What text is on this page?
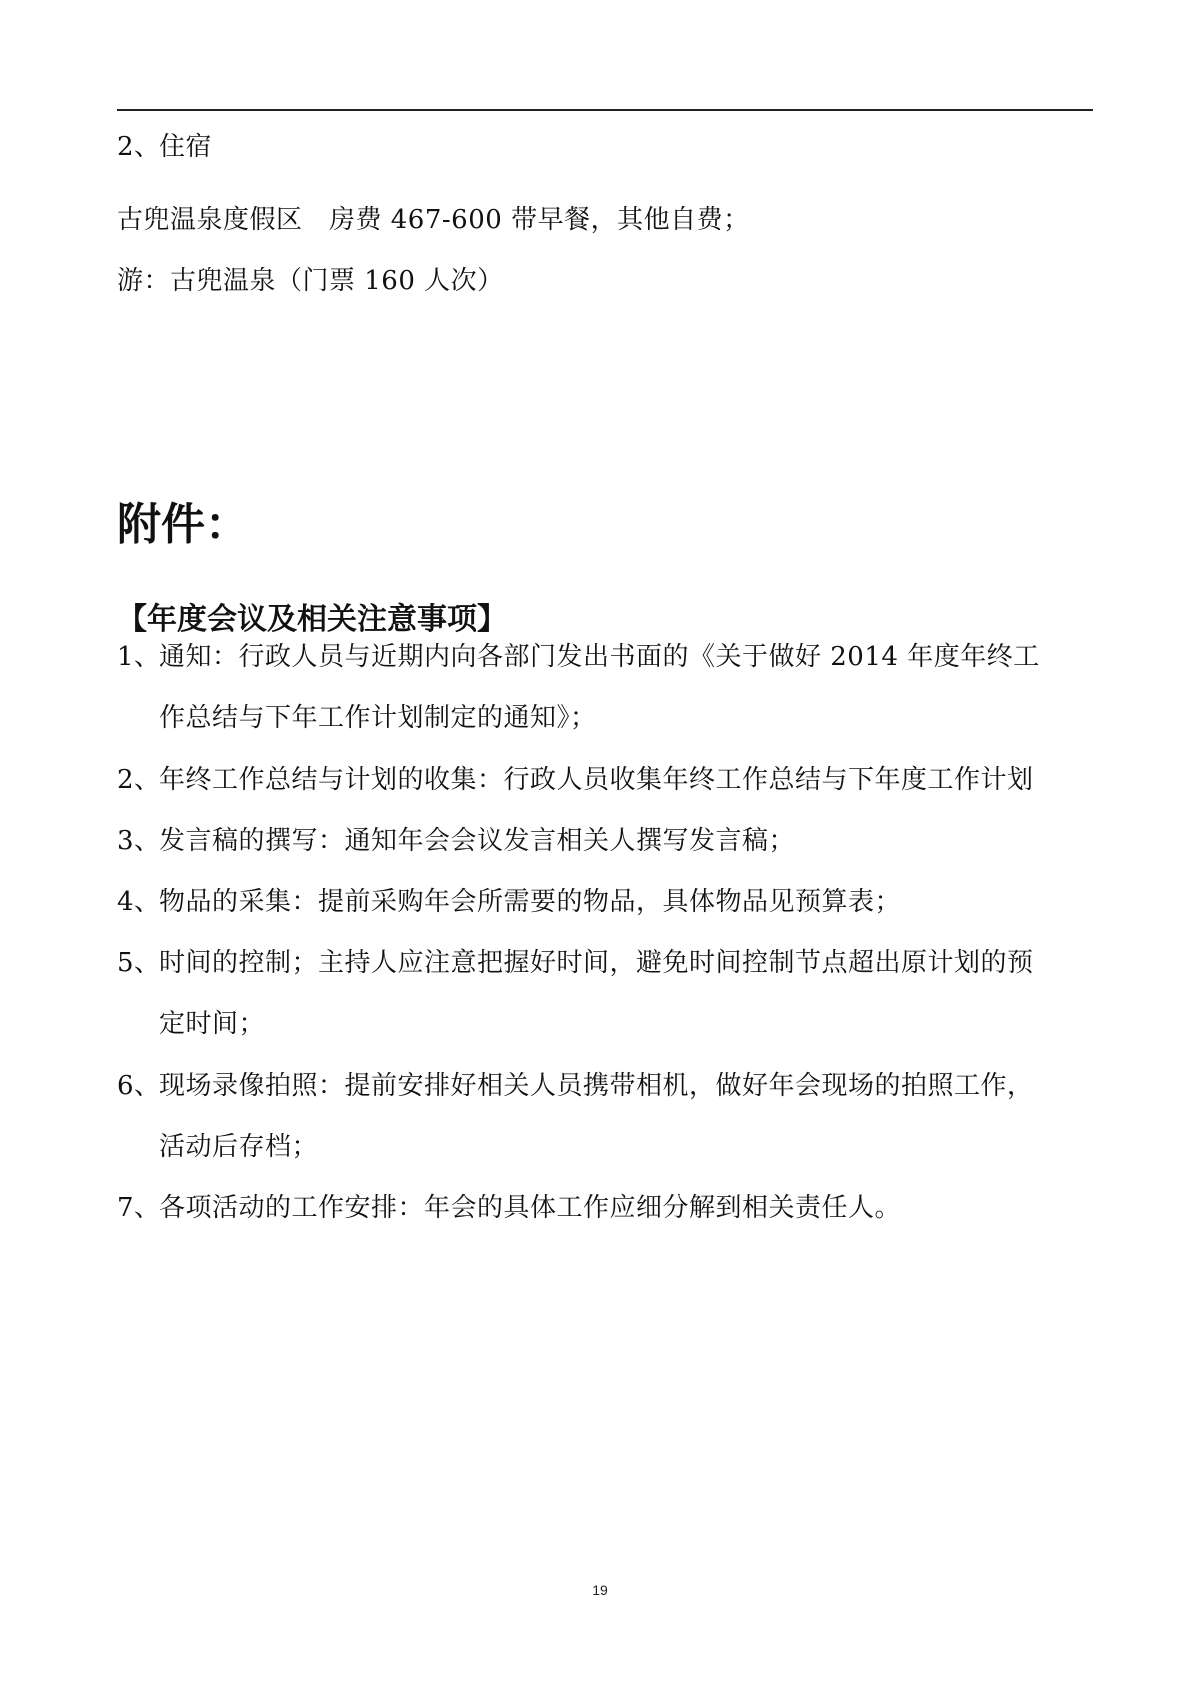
2、住宿
古兜温泉度假区　房费 467-600 带早餐，其他自费；
游：古兜温泉（门票 160 人次）
附件：
【年度会议及相关注意事项】
1、通知：行政人员与近期内向各部门发出书面的《关于做好 2014 年度年终工
作总结与下年工作计划制定的通知》；
2、年终工作总结与计划的收集：行政人员收集年终工作总结与下年度工作计划
3、发言稿的撰写：通知年会会议发言相关人撰写发言稿；
4、物品的采集：提前采购年会所需要的物品，具体物品见预算表；
5、时间的控制；主持人应注意把握好时间，避免时间控制节点超出原计划的预
定时间；
6、现场录像拍照：提前安排好相关人员携带相机，做好年会现场的拍照工作，
活动后存档；
7、各项活动的工作安排：年会的具体工作应细分解到相关责任人。
19
